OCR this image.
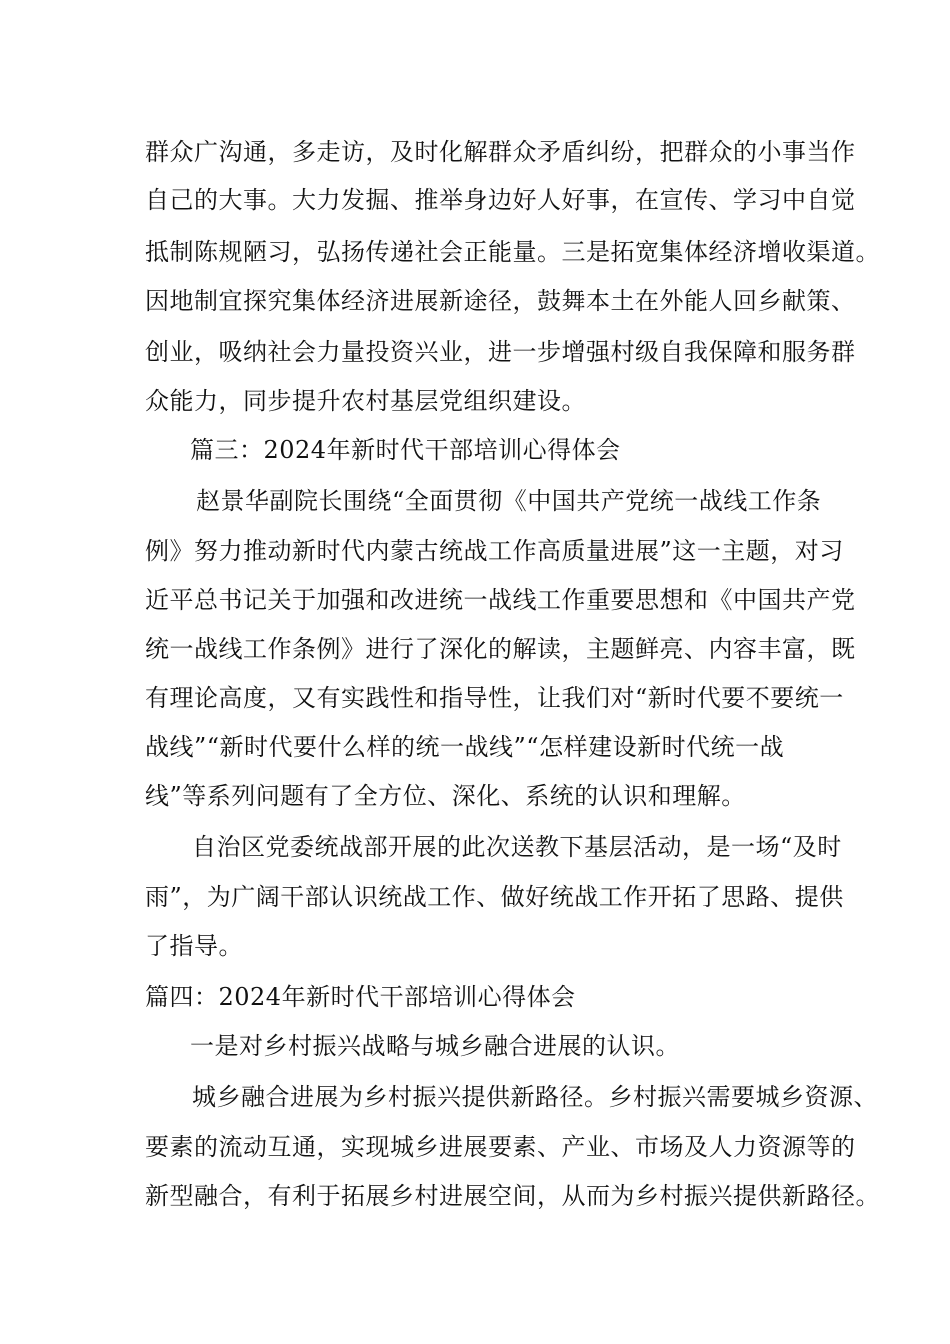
群众广沟通，多走访，及时化解群众矛盾纠纷，把群众的小事当作
自己的大事。大力发掘、推举身边好人好事，在宣传、学习中自觉
抵制陈规陋习，弘扬传递社会正能量。三是拓宽集体经济增收渠道。
因地制宜探究集体经济进展新途径，鼓舞本土在外能人回乡献策、
创业，吸纳社会力量投资兴业，进一步增强村级自我保障和服务群
众能力，同步提升农村基层党组织建设。
篇三：2024年新时代干部培训心得体会
赵景华副院长围绕“全面贯彻《中国共产党统一战线工作条
例》努力推动新时代内蒙古统战工作高质量进展”这一主题，对习
近平总书记关于加强和改进统一战线工作重要思想和《中国共产党
统一战线工作条例》进行了深化的解读，主题鲜亮、内容丰富，既
有理论高度，又有实践性和指导性，让我们对“新时代要不要统一
战线”“新时代要什么样的统一战线”“怎样建设新时代统一战
线”等系列问题有了全方位、深化、系统的认识和理解。
自治区党委统战部开展的此次送教下基层活动，是一场“及时
雨”，为广阔干部认识统战工作、做好统战工作开拓了思路、提供
了指导。
篇四：2024年新时代干部培训心得体会
一是对乡村振兴战略与城乡融合进展的认识。
城乡融合进展为乡村振兴提供新路径。乡村振兴需要城乡资源、
要素的流动互通，实现城乡进展要素、产业、市场及人力资源等的
新型融合，有利于拓展乡村进展空间，从而为乡村振兴提供新路径。
